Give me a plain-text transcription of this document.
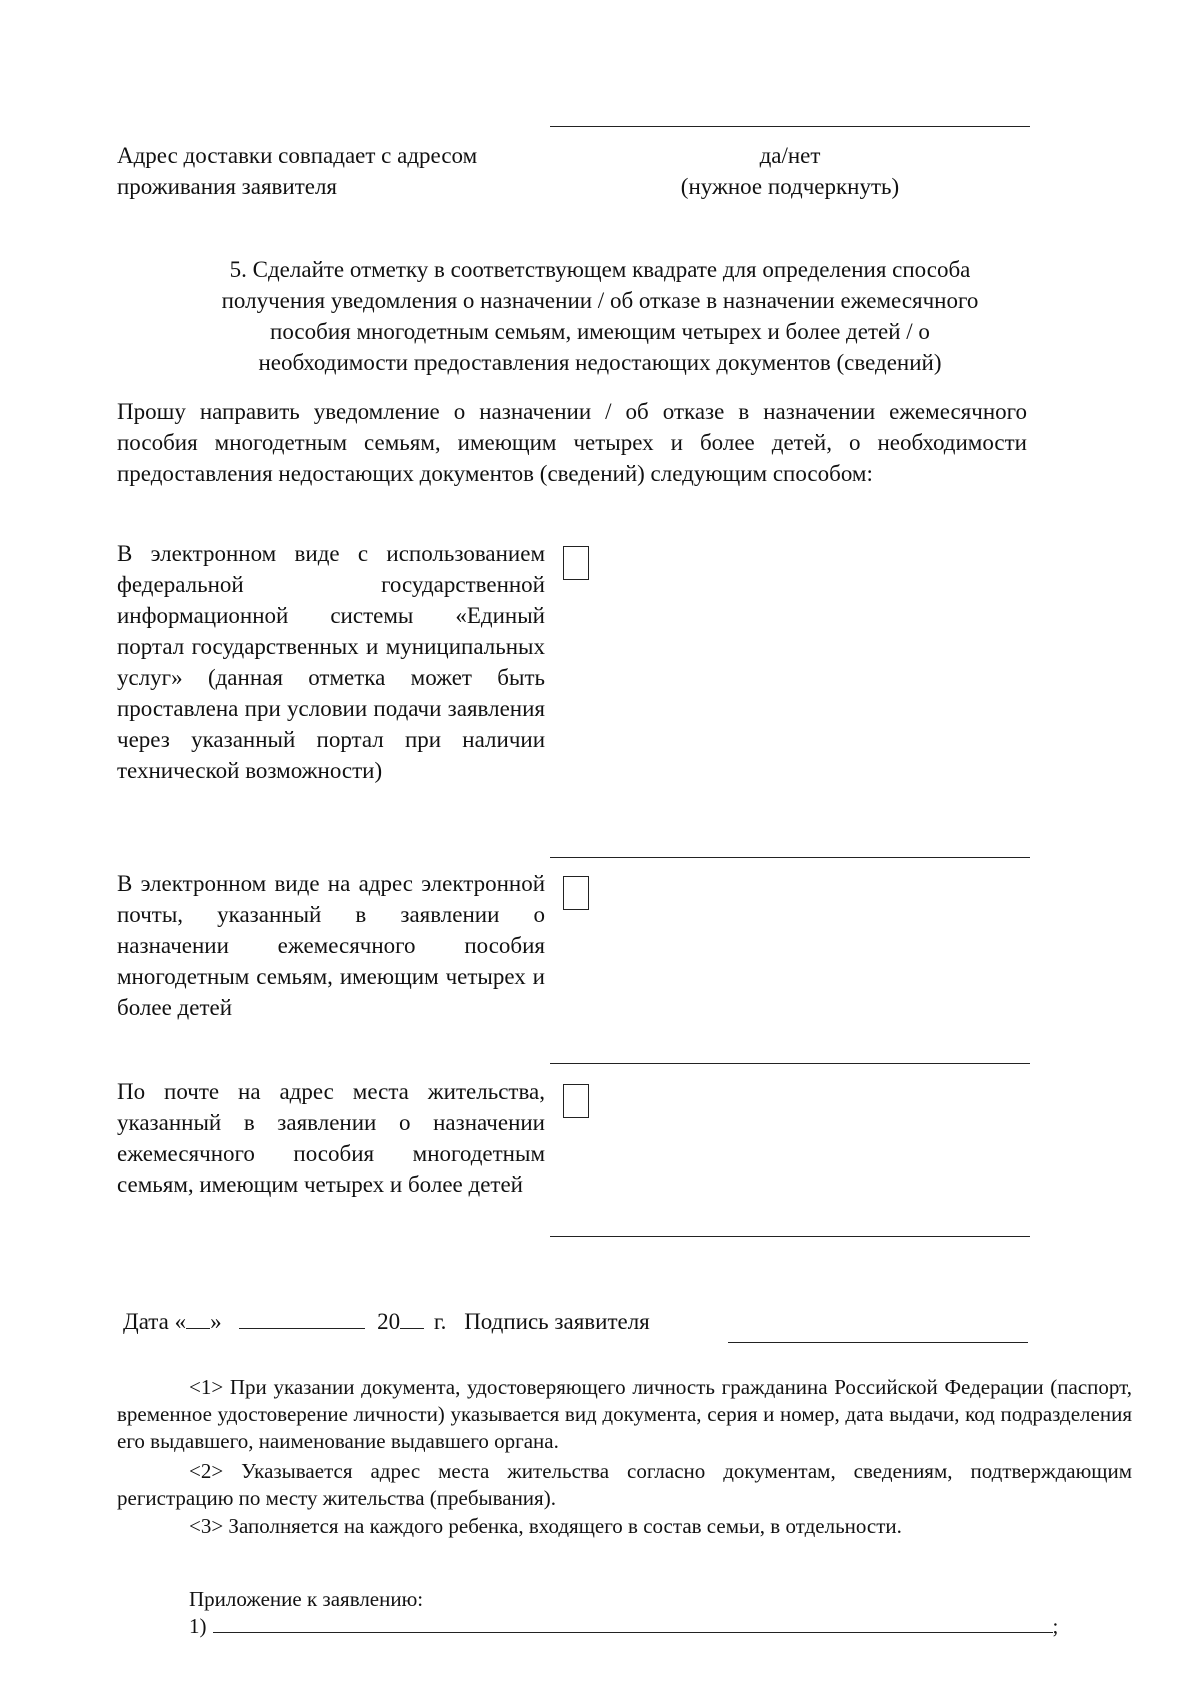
Адрес доставки совпадает с адресом
проживания заявителя
да/нет
(нужное подчеркнуть)
5. Сделайте отметку в соответствующем квадрате для определения способа
получения уведомления о назначении / об отказе в назначении ежемесячного
пособия многодетным семьям, имеющим четырех и более детей / о
необходимости предоставления недостающих документов (сведений)
Прошу направить уведомление о назначении / об отказе в назначении ежемесячного пособия многодетным семьям, имеющим четырех и более детей, о необходимости предоставления недостающих документов (сведений) следующим способом:
В электронном виде с использованием федеральной государственной информационной системы «Единый портал государственных и муниципальных услуг» (данная отметка может быть проставлена при условии подачи заявления через указанный портал при наличии технической возможности)
В электронном виде на адрес электронной почты, указанный в заявлении о назначении ежемесячного пособия многодетным семьям, имеющим четырех и более детей
По почте на адрес места жительства, указанный в заявлении о назначении ежемесячного пособия многодетным семьям, имеющим четырех и более детей
Дата « »	20 г. Подпись заявителя
<1> При указании документа, удостоверяющего личность гражданина Российской Федерации (паспорт, временное удостоверение личности) указывается вид документа, серия и номер, дата выдачи, код подразделения его выдавшего, наименование выдавшего органа.
<2> Указывается адрес места жительства согласно документам, сведениям, подтверждающим регистрацию по месту жительства (пребывания).
<3> Заполняется на каждого ребенка, входящего в состав семьи, в отдельности.
Приложение к заявлению:
1)	;
